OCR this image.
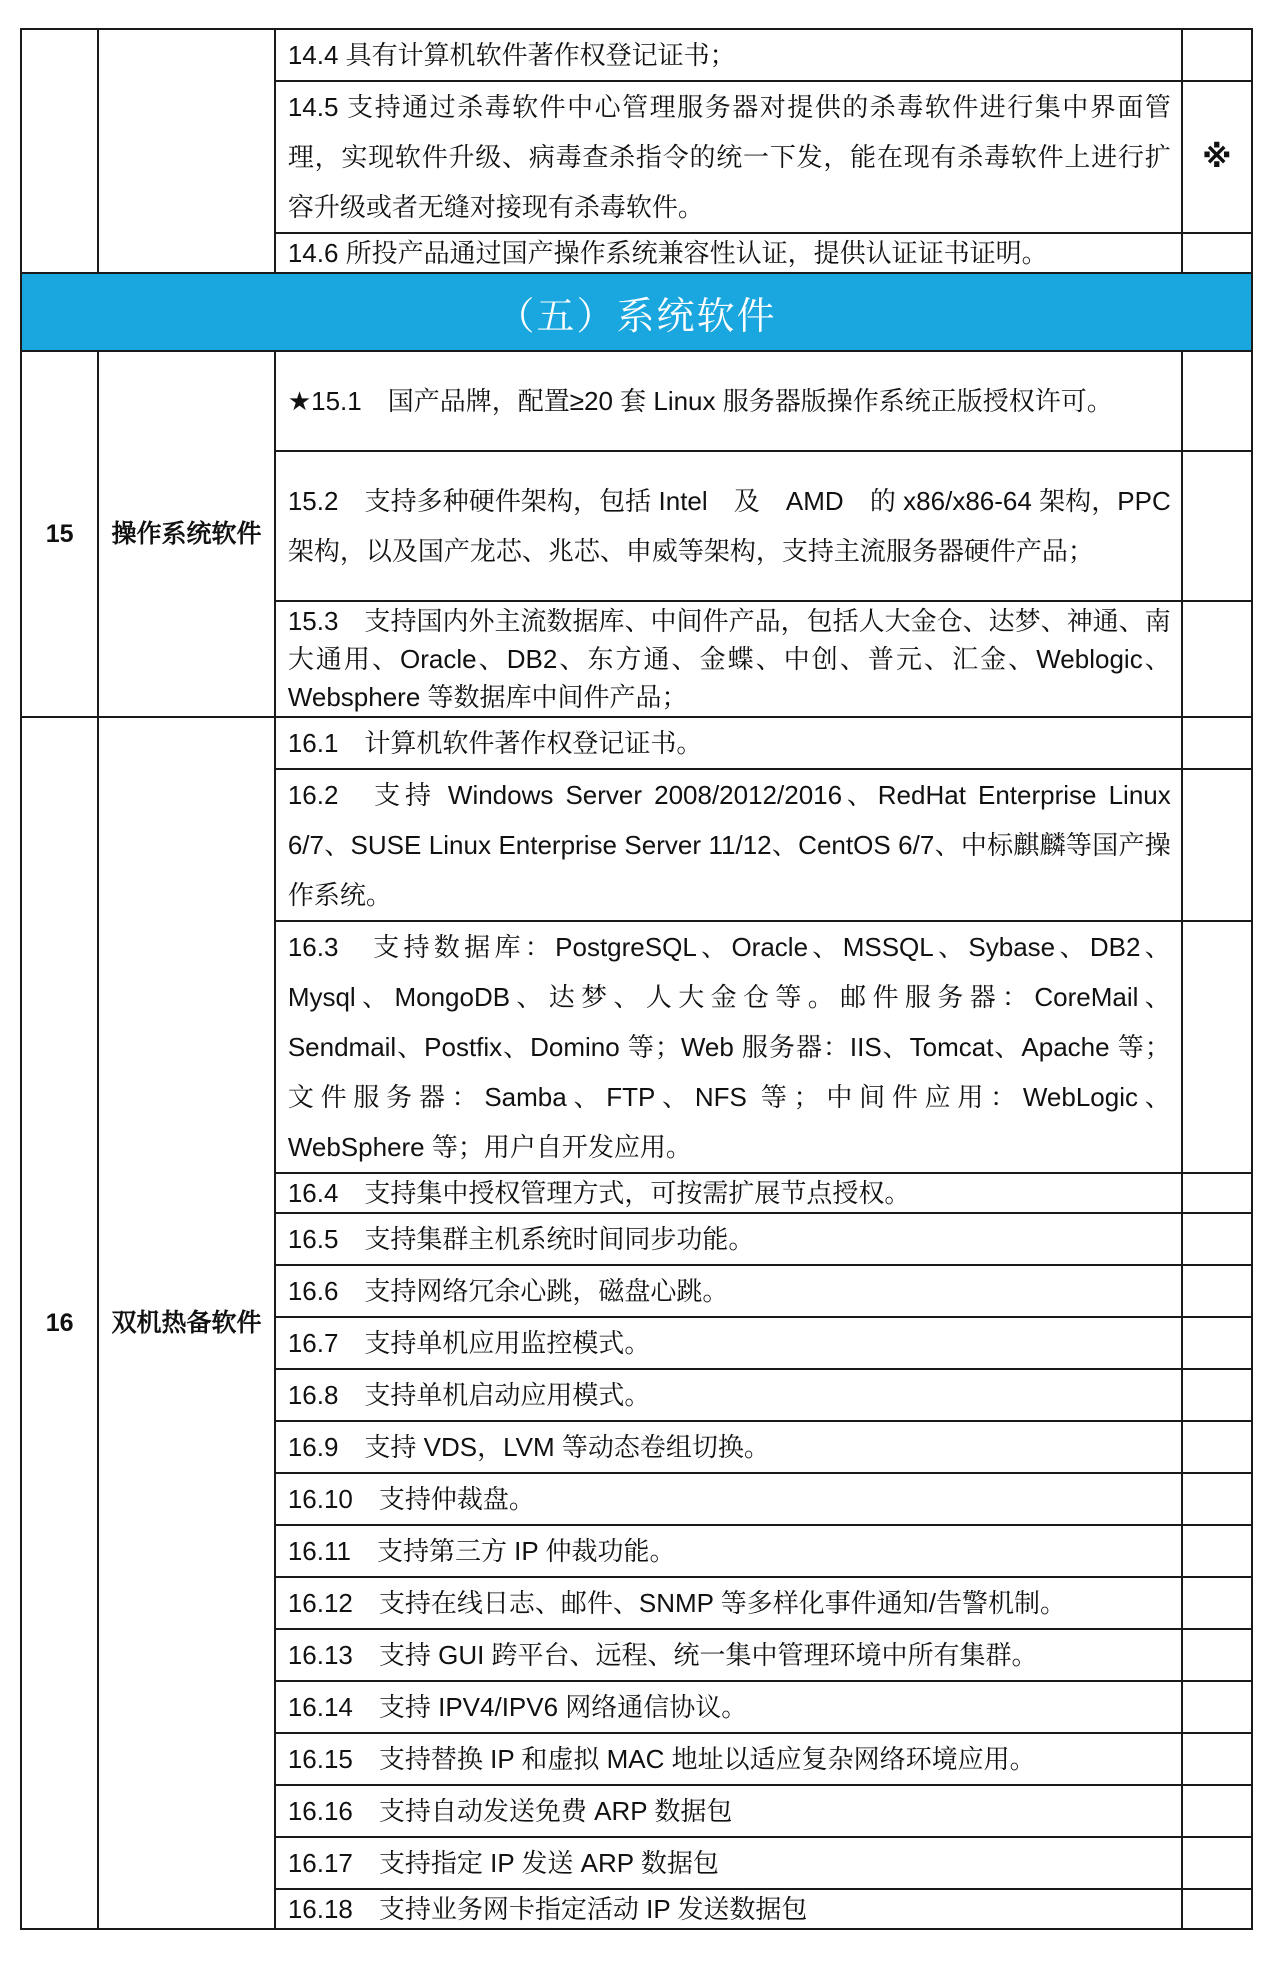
		14.4 具有计算机软件著作权登记证书；	
		14.5 支持通过杀毒软件中心管理服务器对提供的杀毒软件进行集中界面管理，实现软件升级、病毒查杀指令的统一下发，能在现有杀毒软件上进行扩容升级或者无缝对接现有杀毒软件。	※
		14.6 所投产品通过国产操作系统兼容性认证，提供认证证书证明。	
（五）系统软件			
15	操作系统软件	★15.1　国产品牌，配置≥20 套 Linux 服务器版操作系统正版授权许可。	
		15.2　支持多种硬件架构，包括 Intel　及　AMD　的 x86/x86-64 架构，PPC 架构，以及国产龙芯、兆芯、申威等架构，支持主流服务器硬件产品；	
		15.3　支持国内外主流数据库、中间件产品，包括人大金仓、达梦、神通、南大通用、Oracle、DB2、东方通、金蝶、中创、普元、汇金、Weblogic、Websphere 等数据库中间件产品；	
16	双机热备软件	16.1　计算机软件著作权登记证书。	
		16.2　支持 Windows Server 2008/2012/2016、RedHat Enterprise Linux 6/7、SUSE Linux Enterprise Server 11/12、CentOS 6/7、中标麒麟等国产操作系统。	
		16.3　支持数据库：PostgreSQL、Oracle、MSSQL、Sybase、DB2、Mysql、MongoDB、达梦、人大金仓等。邮件服务器：CoreMail、Sendmail、Postfix、Domino 等；Web 服务器：IIS、Tomcat、Apache 等；文件服务器：Samba、FTP、NFS 等；中间件应用：WebLogic、WebSphere 等；用户自开发应用。	
		16.4　支持集中授权管理方式，可按需扩展节点授权。	
		16.5　支持集群主机系统时间同步功能。	
		16.6　支持网络冗余心跳，磁盘心跳。	
		16.7　支持单机应用监控模式。	
		16.8　支持单机启动应用模式。	
		16.9　支持 VDS，LVM 等动态卷组切换。	
		16.10　支持仲裁盘。	
		16.11　支持第三方 IP 仲裁功能。	
		16.12　支持在线日志、邮件、SNMP 等多样化事件通知/告警机制。	
		16.13　支持 GUI 跨平台、远程、统一集中管理环境中所有集群。	
		16.14　支持 IPV4/IPV6 网络通信协议。	
		16.15　支持替换 IP 和虚拟 MAC 地址以适应复杂网络环境应用。	
		16.16　支持自动发送免费 ARP 数据包	
		16.17　支持指定 IP 发送 ARP 数据包	
		16.18　支持业务网卡指定活动 IP 发送数据包	
